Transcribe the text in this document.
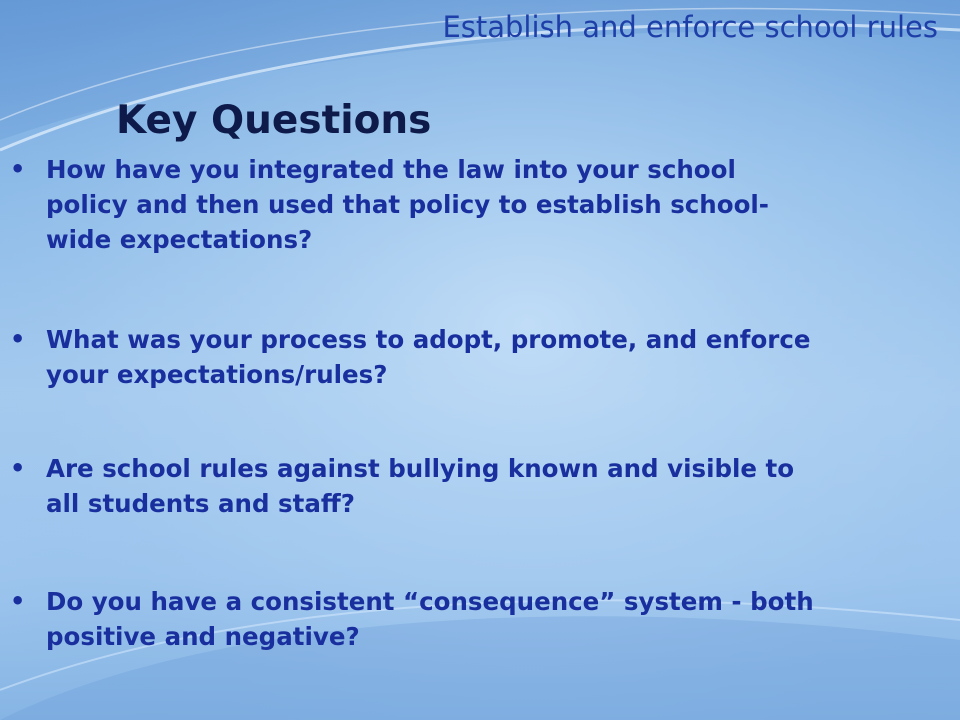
Establish and enforce school rules
Key Questions
• How have you integrated the law into your school
policy and then used that policy to establish school-
wide expectations?
• What was your process to adopt, promote, and enforce
your expectations/rules?
• Are school rules against bullying known and visible to
all students and staff?
• Do you have a consistent “consequence” system - both
positive and negative?
